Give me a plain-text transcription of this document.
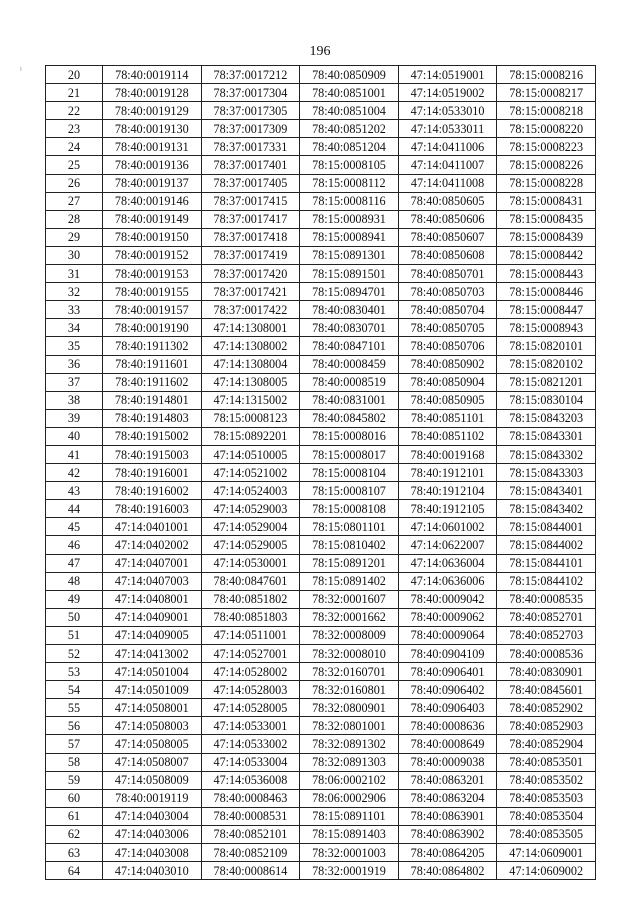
196
ⸯ	20	78:40:0019114	78:37:0017212	78:40:0850909	47:14:0519001	78:15:0008216
21	78:40:0019128	78:37:0017304	78:40:0851001	47:14:0519002	78:15:0008217
22	78:40:0019129	78:37:0017305	78:40:0851004	47:14:0533010	78:15:0008218
23	78:40:0019130	78:37:0017309	78:40:0851202	47:14:0533011	78:15:0008220
24	78:40:0019131	78:37:0017331	78:40:0851204	47:14:0411006	78:15:0008223
25	78:40:0019136	78:37:0017401	78:15:0008105	47:14:0411007	78:15:0008226
26	78:40:0019137	78:37:0017405	78:15:0008112	47:14:0411008	78:15:0008228
27	78:40:0019146	78:37:0017415	78:15:0008116	78:40:0850605	78:15:0008431
28	78:40:0019149	78:37:0017417	78:15:0008931	78:40:0850606	78:15:0008435
29	78:40:0019150	78:37:0017418	78:15:0008941	78:40:0850607	78:15:0008439
30	78:40:0019152	78:37:0017419	78:15:0891301	78:40:0850608	78:15:0008442
31	78:40:0019153	78:37:0017420	78:15:0891501	78:40:0850701	78:15:0008443
32	78:40:0019155	78:37:0017421	78:15:0894701	78:40:0850703	78:15:0008446
33	78:40:0019157	78:37:0017422	78:40:0830401	78:40:0850704	78:15:0008447
34	78:40:0019190	47:14:1308001	78:40:0830701	78:40:0850705	78:15:0008943
35	78:40:1911302	47:14:1308002	78:40:0847101	78:40:0850706	78:15:0820101
36	78:40:1911601	47:14:1308004	78:40:0008459	78:40:0850902	78:15:0820102
37	78:40:1911602	47:14:1308005	78:40:0008519	78:40:0850904	78:15:0821201
38	78:40:1914801	47:14:1315002	78:40:0831001	78:40:0850905	78:15:0830104
39	78:40:1914803	78:15:0008123	78:40:0845802	78:40:0851101	78:15:0843203
40	78:40:1915002	78:15:0892201	78:15:0008016	78:40:0851102	78:15:0843301
41	78:40:1915003	47:14:0510005	78:15:0008017	78:40:0019168	78:15:0843302
42	78:40:1916001	47:14:0521002	78:15:0008104	78:40:1912101	78:15:0843303
43	78:40:1916002	47:14:0524003	78:15:0008107	78:40:1912104	78:15:0843401
44	78:40:1916003	47:14:0529003	78:15:0008108	78:40:1912105	78:15:0843402
45	47:14:0401001	47:14:0529004	78:15:0801101	47:14:0601002	78:15:0844001
46	47:14:0402002	47:14:0529005	78:15:0810402	47:14:0622007	78:15:0844002
47	47:14:0407001	47:14:0530001	78:15:0891201	47:14:0636004	78:15:0844101
48	47:14:0407003	78:40:0847601	78:15:0891402	47:14:0636006	78:15:0844102
49	47:14:0408001	78:40:0851802	78:32:0001607	78:40:0009042	78:40:0008535
50	47:14:0409001	78:40:0851803	78:32:0001662	78:40:0009062	78:40:0852701
51	47:14:0409005	47:14:0511001	78:32:0008009	78:40:0009064	78:40:0852703
52	47:14:0413002	47:14:0527001	78:32:0008010	78:40:0904109	78:40:0008536
53	47:14:0501004	47:14:0528002	78:32:0160701	78:40:0906401	78:40:0830901
54	47:14:0501009	47:14:0528003	78:32:0160801	78:40:0906402	78:40:0845601
55	47:14:0508001	47:14:0528005	78:32:0800901	78:40:0906403	78:40:0852902
56	47:14:0508003	47:14:0533001	78:32:0801001	78:40:0008636	78:40:0852903
57	47:14:0508005	47:14:0533002	78:32:0891302	78:40:0008649	78:40:0852904
58	47:14:0508007	47:14:0533004	78:32:0891303	78:40:0009038	78:40:0853501
59	47:14:0508009	47:14:0536008	78:06:0002102	78:40:0863201	78:40:0853502
60	78:40:0019119	78:40:0008463	78:06:0002906	78:40:0863204	78:40:0853503
61	47:14:0403004	78:40:0008531	78:15:0891101	78:40:0863901	78:40:0853504
62	47:14:0403006	78:40:0852101	78:15:0891403	78:40:0863902	78:40:0853505
63	47:14:0403008	78:40:0852109	78:32:0001003	78:40:0864205	47:14:0609001
64	47:14:0403010	78:40:0008614	78:32:0001919	78:40:0864802	47:14:0609002
